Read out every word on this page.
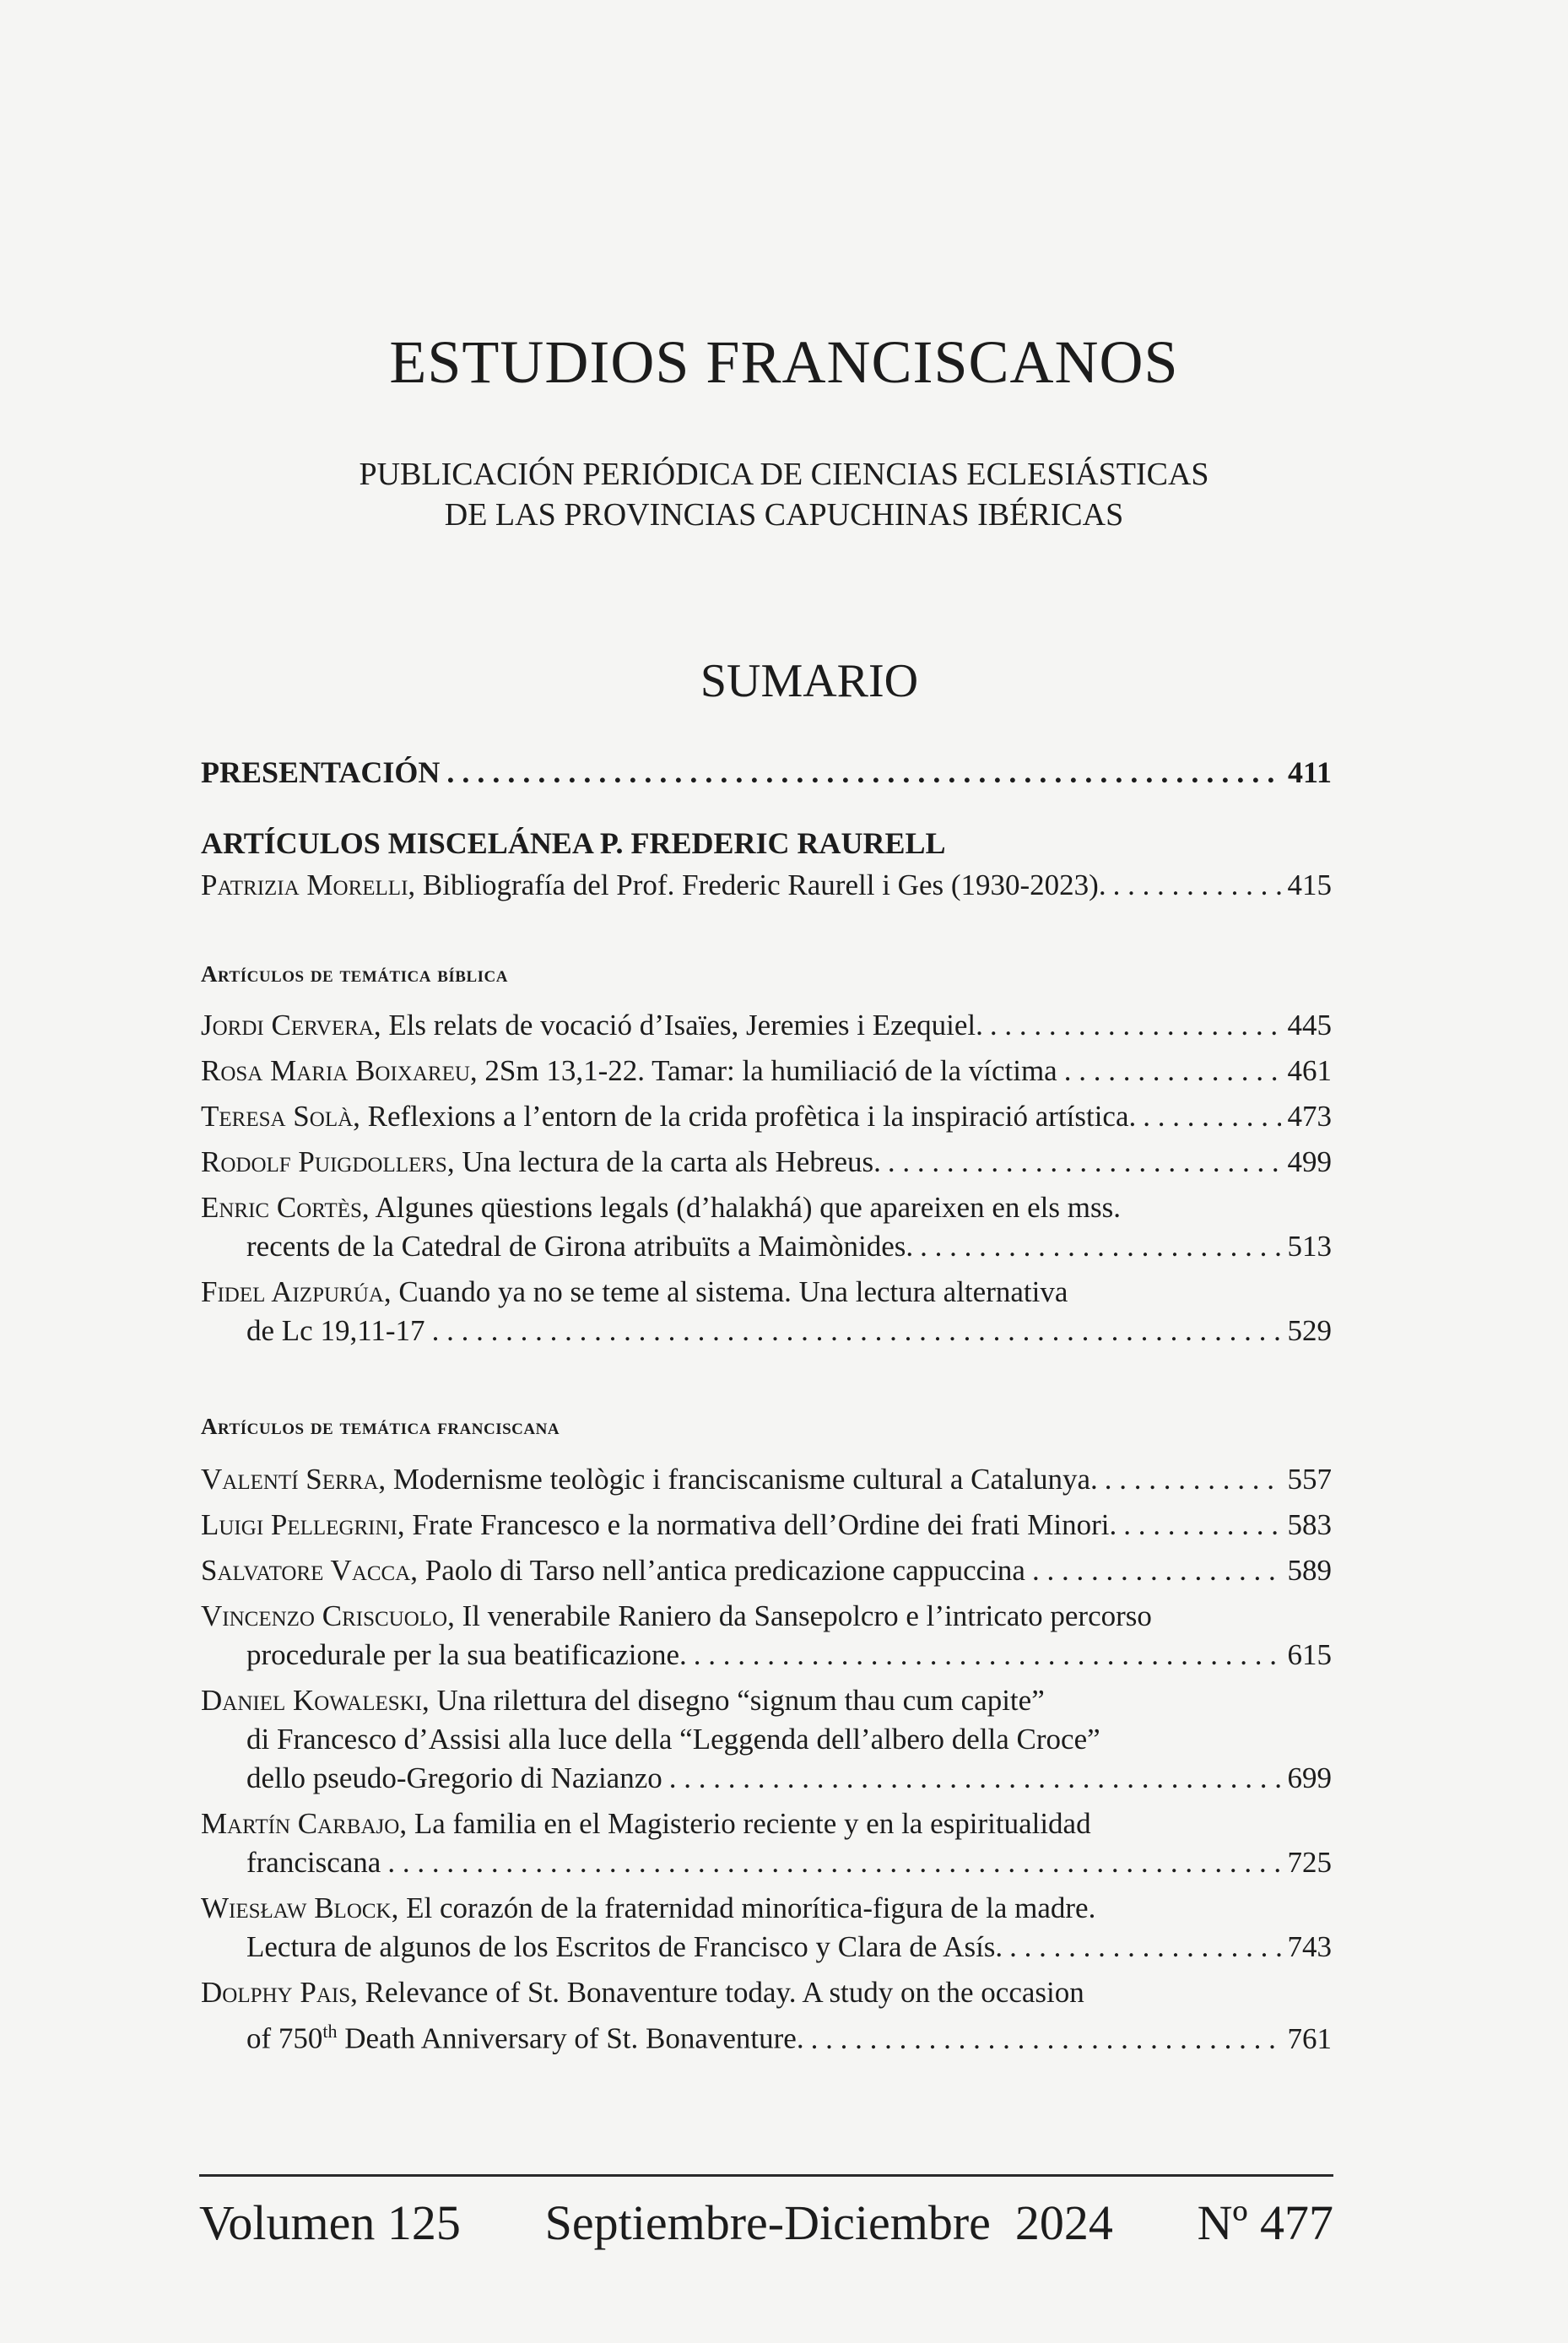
ESTUDIOS FRANCISCANOS
PUBLICACIÓN PERIÓDICA DE CIENCIAS ECLESIÁSTICAS
DE LAS PROVINCIAS CAPUCHINAS IBÉRICAS
SUMARIO
PRESENTACIÓN . . .	411
ARTÍCULOS MISCELÁNEA P. FREDERIC RAURELL
Patrizia Morelli, Bibliografía del Prof. Frederic Raurell i Ges (1930-2023). . . .	415
Artículos de temática bíblica
Jordi Cervera, Els relats de vocació d’Isaïes, Jeremies i Ezequiel. . . .	445
Rosa Maria Boixareu, 2Sm 13,1-22. Tamar: la humiliació de la víctima . . .	461
Teresa Solà, Reflexions a l’entorn de la crida profètica i la inspiració artística. . . .	473
Rodolf Puigdollers, Una lectura de la carta als Hebreus. . . .	499
Enric Cortès, Algunes qüestions legals (d’halakhá) que apareixen en els mss.
recents de la Catedral de Girona atribuïts a Maimònides. . . .	513
Fidel Aizpurúa, Cuando ya no se teme al sistema. Una lectura alternativa
de Lc 19,11-17 . . .	529
Artículos de temática franciscana
Valentí Serra, Modernisme teològic i franciscanisme cultural a Catalunya. . . .	557
Luigi Pellegrini, Frate Francesco e la normativa dell’Ordine dei frati Minori. . . .	583
Salvatore Vacca, Paolo di Tarso nell’antica predicazione cappuccina . . .	589
Vincenzo Criscuolo, Il venerabile Raniero da Sansepolcro e l’intricato percorso
procedurale per la sua beatificazione. . . .	615
Daniel Kowaleski, Una rilettura del disegno “signum thau cum capite”
di Francesco d’Assisi alla luce della “Leggenda dell’albero della Croce”
dello pseudo-Gregorio di Nazianzo . . .	699
Martín Carbajo, La familia en el Magisterio reciente y en la espiritualidad
franciscana . . .	725
Wiesław Block, El corazón de la fraternidad minorítica-figura de la madre.
Lectura de algunos de los Escritos de Francisco y Clara de Asís. . . .	743
Dolphy Pais, Relevance of St. Bonaventure today. A study on the occasion
of 750th Death Anniversary of St. Bonaventure. . . .	761
Volumen 125 Septiembre-Diciembre  2024 Nº 477
